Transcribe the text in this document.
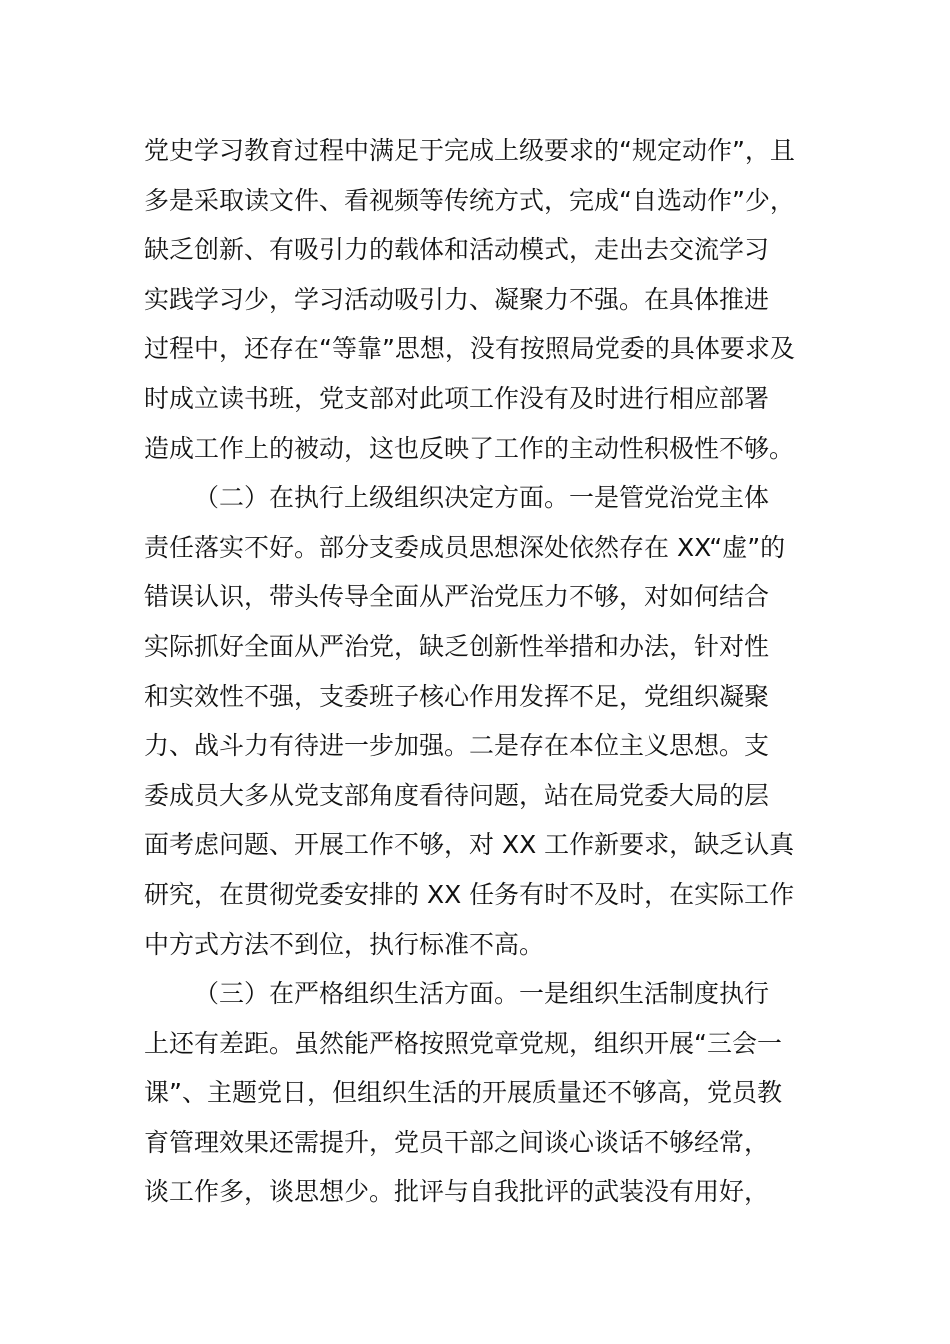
党史学习教育过程中满足于完成上级要求的“规定动作”，且
多是采取读文件、看视频等传统方式，完成“自选动作”少，
缺乏创新、有吸引力的载体和活动模式，走出去交流学习
实践学习少，学习活动吸引力、凝聚力不强。在具体推进
过程中，还存在“等靠”思想，没有按照局党委的具体要求及
时成立读书班，党支部对此项工作没有及时进行相应部署
造成工作上的被动，这也反映了工作的主动性积极性不够。
（二）在执行上级组织决定方面。一是管党治党主体
责任落实不好。部分支委成员思想深处依然存在 XX“虚”的
错误认识，带头传导全面从严治党压力不够，对如何结合
实际抓好全面从严治党，缺乏创新性举措和办法，针对性
和实效性不强，支委班子核心作用发挥不足，党组织凝聚
力、战斗力有待进一步加强。二是存在本位主义思想。支
委成员大多从党支部角度看待问题，站在局党委大局的层
面考虑问题、开展工作不够，对 XX 工作新要求，缺乏认真
研究，在贯彻党委安排的 XX 任务有时不及时，在实际工作
中方式方法不到位，执行标准不高。
（三）在严格组织生活方面。一是组织生活制度执行
上还有差距。虽然能严格按照党章党规，组织开展“三会一
课”、主题党日，但组织生活的开展质量还不够高，党员教
育管理效果还需提升，党员干部之间谈心谈话不够经常，
谈工作多，谈思想少。批评与自我批评的武装没有用好，
